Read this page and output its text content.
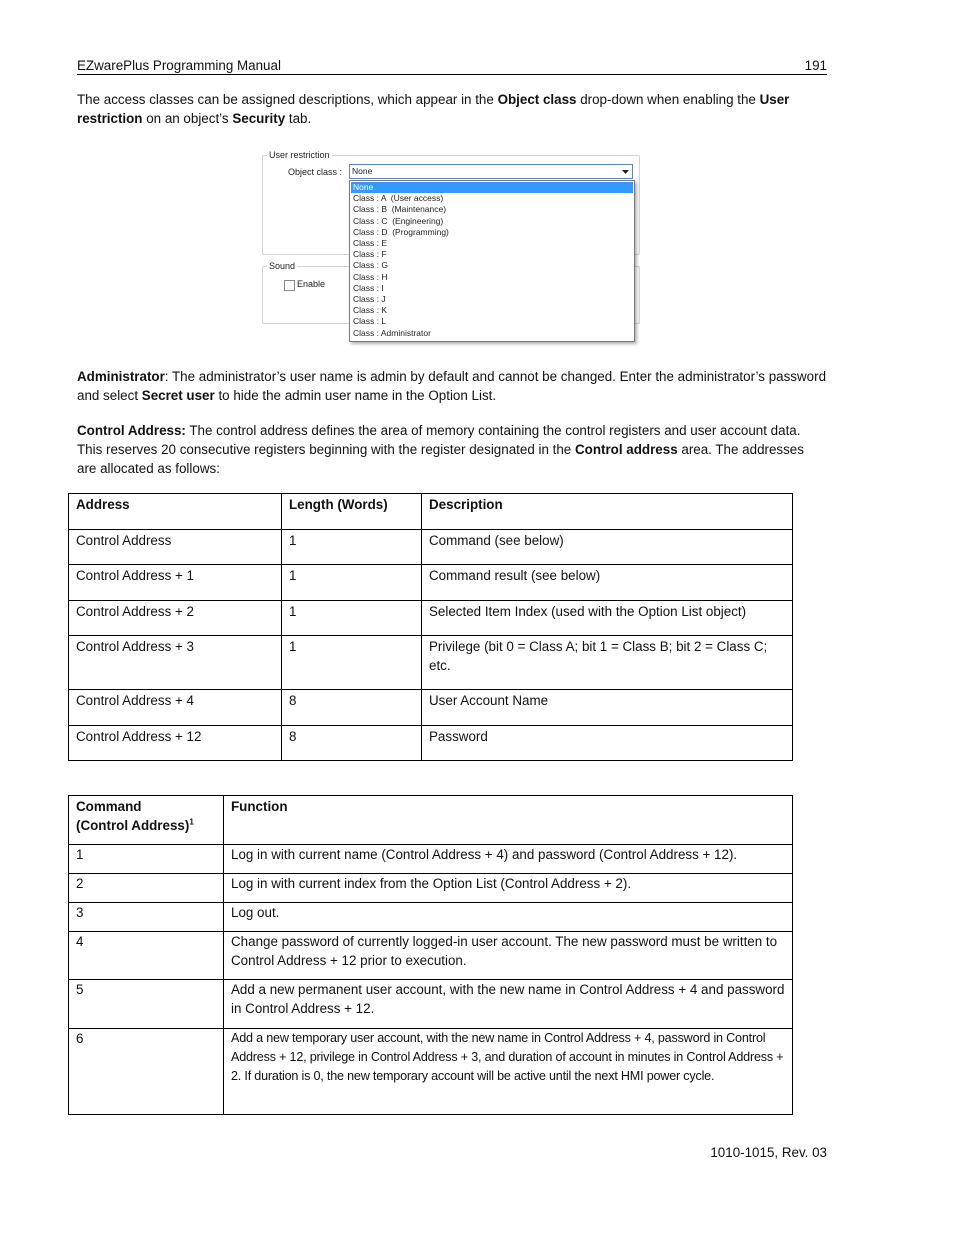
EZwarePlus Programming Manual	191
The access classes can be assigned descriptions, which appear in the Object class drop-down when enabling the User restriction on an object’s Security tab.
User restriction
Object class : None
Sound
Enable
None
Class : A  (User access)
Class : B  (Maintenance)
Class : C  (Engineering)
Class : D  (Programming)
Class : E
Class : F
Class : G
Class : H
Class : I
Class : J
Class : K
Class : L
Class : Administrator
Administrator: The administrator’s user name is admin by default and cannot be changed. Enter the administrator’s password and select Secret user to hide the admin user name in the Option List.
Control Address: The control address defines the area of memory containing the control registers and user account data. This reserves 20 consecutive registers beginning with the register designated in the Control address area. The addresses are allocated as follows:
Address	Length (Words)	Description
Control Address	1	Command (see below)
Control Address + 1	1	Command result (see below)
Control Address + 2	1	Selected Item Index (used with the Option List object)
Control Address + 3	1	Privilege (bit 0 = Class A; bit 1 = Class B; bit 2 = Class C; etc.
Control Address + 4	8	User Account Name
Control Address + 12	8	Password
Command
(Control Address)$^1$	Function
1	Log in with current name (Control Address + 4) and password (Control Address + 12).
2	Log in with current index from the Option List (Control Address + 2).
3	Log out.
4	Change password of currently logged-in user account. The new password must be written to Control Address + 12 prior to execution.
5	Add a new permanent user account, with the new name in Control Address + 4 and password in Control Address + 12.
6	Add a new temporary user account, with the new name in Control Address + 4, password in Control Address + 12, privilege in Control Address + 3, and duration of account in minutes in Control Address + 2. If duration is 0, the new temporary account will be active until the next HMI power cycle.
1010-1015, Rev. 03
